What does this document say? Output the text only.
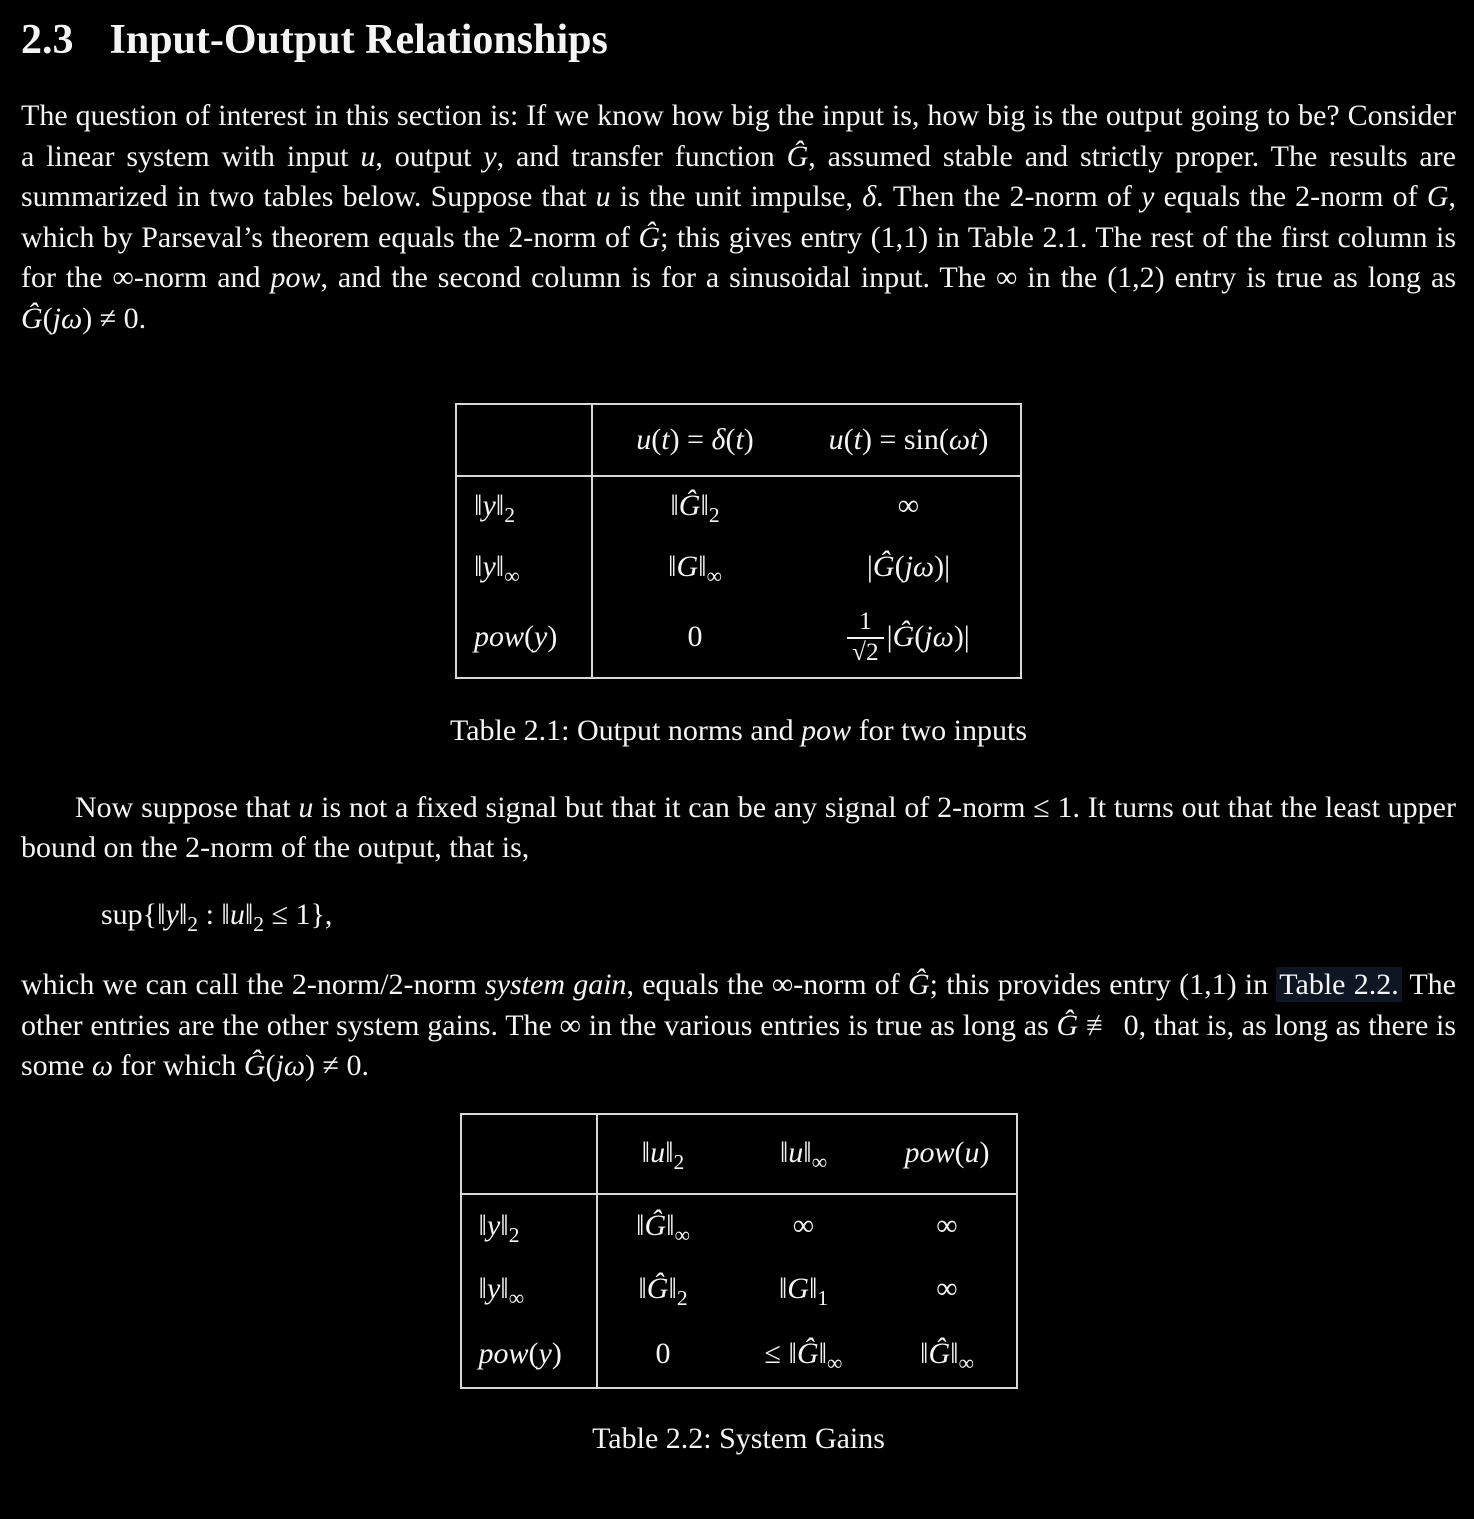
2.3 Input-Output Relationships

The question of interest in this section is: If we know how big the input is, how big is the output going to be? Consider a linear system with input u, output y, and transfer function Ĝ, assumed stable and strictly proper. The results are summarized in two tables below. Suppose that u is the unit impulse, δ. Then the 2-norm of y equals the 2-norm of G, which by Parseval’s theorem equals the 2-norm of Ĝ; this gives entry (1,1) in Table 2.1. The rest of the first column is for the ∞-norm and pow, and the second column is for a sinusoidal input. The ∞ in the (1,2) entry is true as long as Ĝ(jω) ≠ 0.

	u(t) = δ(t)	u(t) = sin(ωt)
$‖y‖_2$	$‖Ĝ‖_2$	∞
$‖y‖_\infty$	$‖G‖_\infty$	|Ĝ(jω)|
pow(y)	0	$\frac{1}{√2}$ |Ĝ(jω)|

Table 2.1: Output norms and pow for two inputs

Now suppose that u is not a fixed signal but that it can be any signal of 2-norm ≤ 1. It turns out that the least upper bound on the 2-norm of the output, that is,

$sup\{‖y‖_2$ : $‖u‖_2 \le 1$},

which we can call the 2-norm/2-norm system gain, equals the ∞-norm of Ĝ; this provides entry (1,1) in Table 2.2. The other entries are the other system gains. The ∞ in the various entries is true as long as Ĝ ≢ 0, that is, as long as there is some ω for which Ĝ(jω) ≠ 0.

	$‖u‖_2$	$‖u‖_\infty$	pow(u)
$‖y‖_2$	$‖Ĝ‖_\infty$	∞	∞
$‖y‖_\infty$	$‖Ĝ‖_2$	$‖G‖_1$	∞
pow(y)	0	≤ $‖Ĝ‖_\infty$	$‖Ĝ‖_\infty$

Table 2.2: System Gains
